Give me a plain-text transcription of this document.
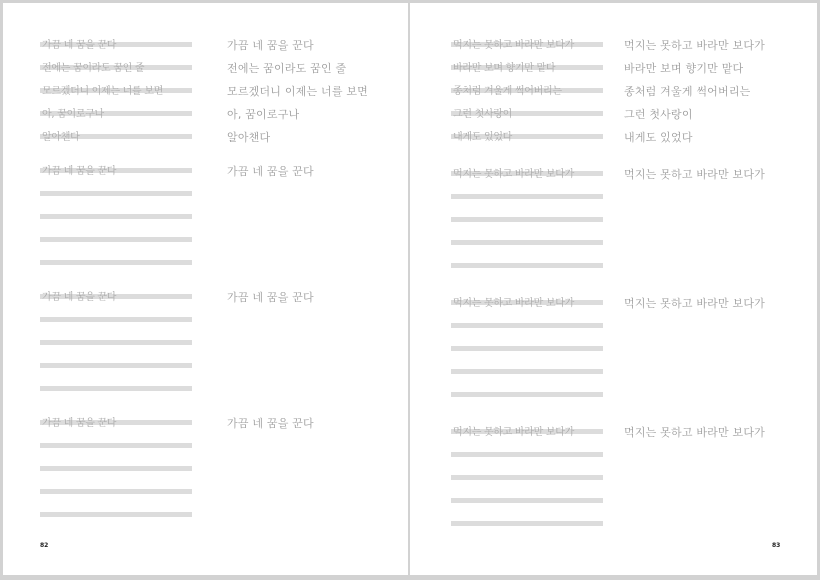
가끔 네 꿈을 꾼다
전에는 꿈이라도 꿈인 줄
모르겠더니 이제는 너를 보면
아, 꿈이로구나
알아챈다
가끔 네 꿈을 꾼다
전에는 꿈이라도 꿈인 줄
모르겠더니 이제는 너를 보면
아, 꿈이로구나
알아챈다
가끔 네 꿈을 꾼다	가끔 네 꿈을 꾼다
가끔 네 꿈을 꾼다	가끔 네 꿈을 꾼다
가끔 네 꿈을 꾼다	가끔 네 꿈을 꾼다
82
먹지는 못하고 바라만 보다가
바라만 보며 향기만 맡다
종처럼 겨울게 썩어버리는
그런 첫사랑이
내게도 있었다
먹지는 못하고 바라만 보다가
바라만 보며 향기만 맡다
종처럼 겨울게 썩어버리는
그런 첫사랑이
내게도 있었다
먹지는 못하고 바라만 보다가	먹지는 못하고 바라만 보다가
먹지는 못하고 바라만 보다가	먹지는 못하고 바라만 보다가
먹지는 못하고 바라만 보다가	먹지는 못하고 바라만 보다가
83
